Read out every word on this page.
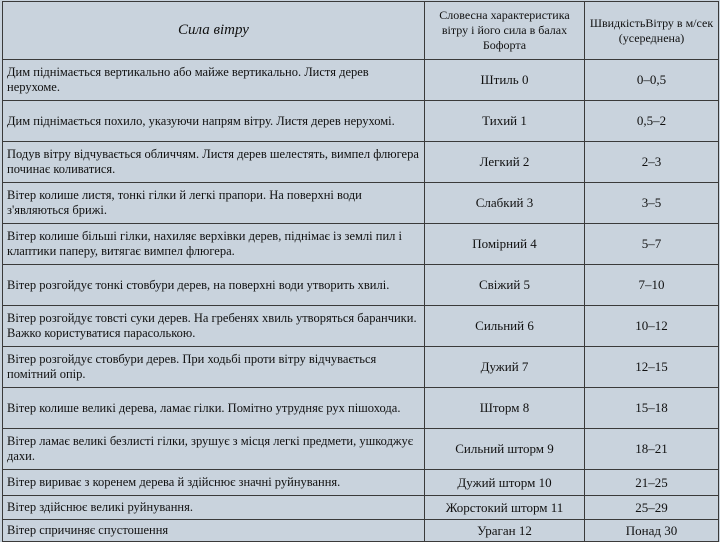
Сила вітру	Словесна характеристика вітру і його сила в балах Бофорта	ШвидкістьВітру в м/сек (усереднена)
Дим піднімається вертикально або майже вертикально. Листя дерев нерухоме.	Штиль 0	0–0,5
Дим піднімається похило, указуючи напрям вітру. Листя дерев нерухомі.	Тихий 1	0,5–2
Подув вітру відчувається обличчям. Листя дерев шелестять, вимпел флюгера починає коливатися.	Легкий 2	2–3
Вітер колише листя, тонкі гілки й легкі прапори. На поверхні води з'являються брижі.	Слабкий 3	3–5
Вітер колише більші гілки, нахиляє верхівки дерев, піднімає із землі пил і клаптики паперу, витягає вимпел флюгера.	Помірний 4	5–7
Вітер розгойдує тонкі стовбури дерев, на поверхні води утворить хвилі.	Свіжий 5	7–10
Вітер розгойдує товсті суки дерев. На гребенях хвиль утворяться баранчики. Важко користуватися парасолькою.	Сильний 6	10–12
Вітер розгойдує стовбури дерев. При ходьбі проти вітру відчувається помітний опір.	Дужий 7	12–15
Вітер колише великі дерева, ламає гілки. Помітно утрудняє рух пішохода.	Шторм 8	15–18
Вітер ламає великі безлисті гілки, зрушує з місця легкі предмети, ушкоджує дахи.	Сильний шторм 9	18–21
Вітер вириває з коренем дерева й здійснює значні руйнування.	Дужий шторм 10	21–25
Вітер здійснює великі руйнування.	Жорстокий шторм 11	25–29
Вітер спричиняє спустошення	Ураган 12	Понад 30
